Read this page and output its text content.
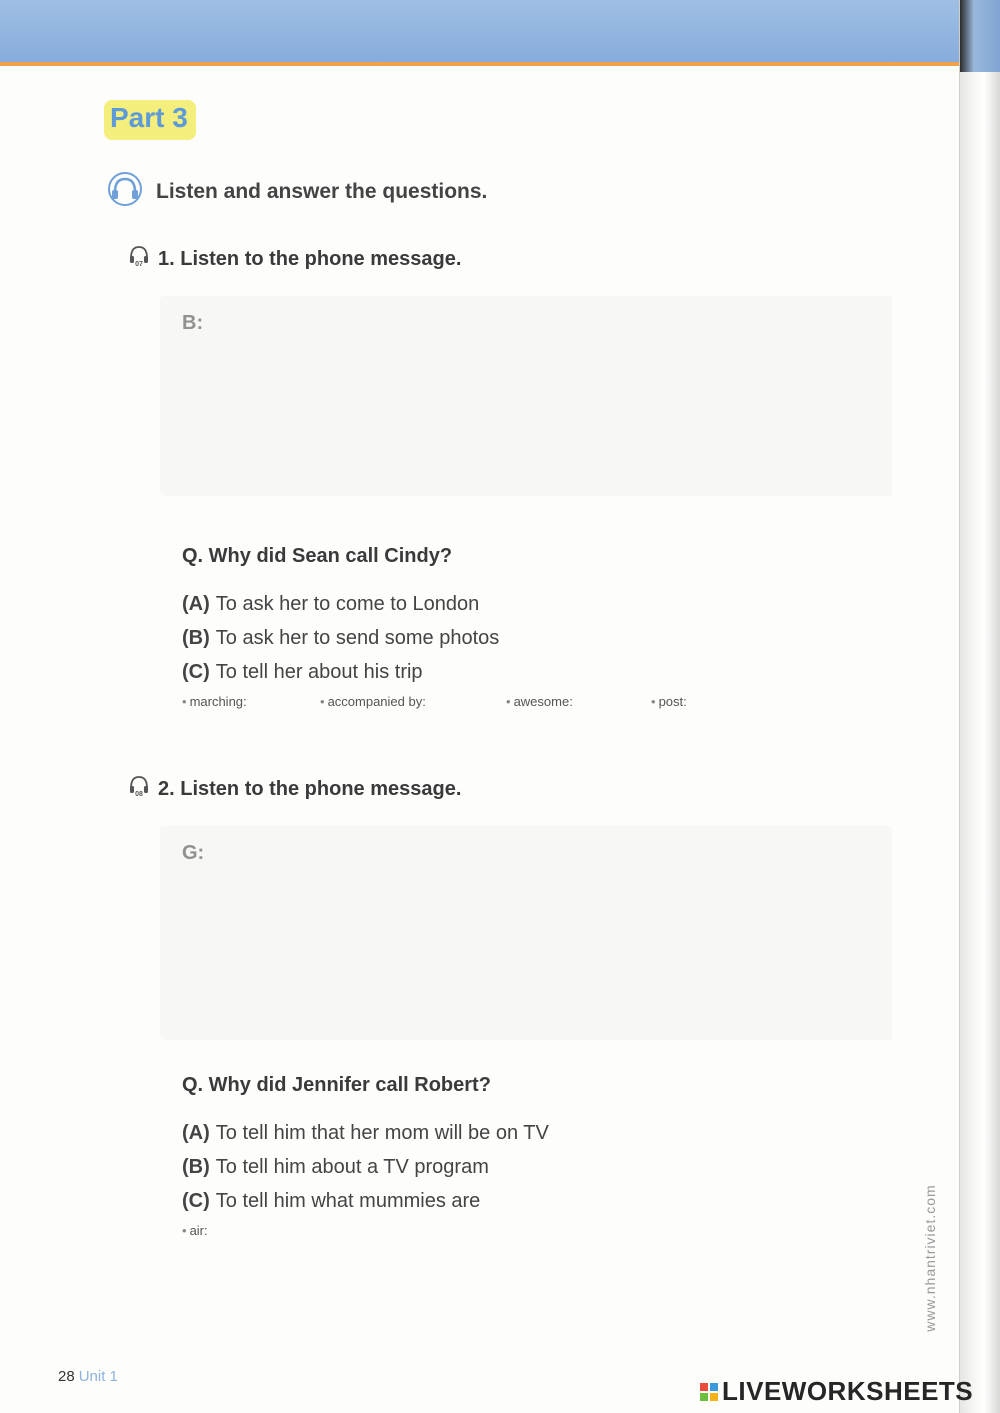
Part 3
Listen and answer the questions.
07 1. Listen to the phone message.
B:
Q. Why did Sean call Cindy?
(A) To ask her to come to London
(B) To ask her to send some photos
(C) To tell her about his trip
• marching:	• accompanied by:	• awesome:	• post:
08 2. Listen to the phone message.
G:
Q. Why did Jennifer call Robert?
(A) To tell him that her mom will be on TV
(B) To tell him about a TV program
(C) To tell him what mummies are
• air:
28 Unit 1
www.nhantriviet.com
LIVEWORKSHEETS
